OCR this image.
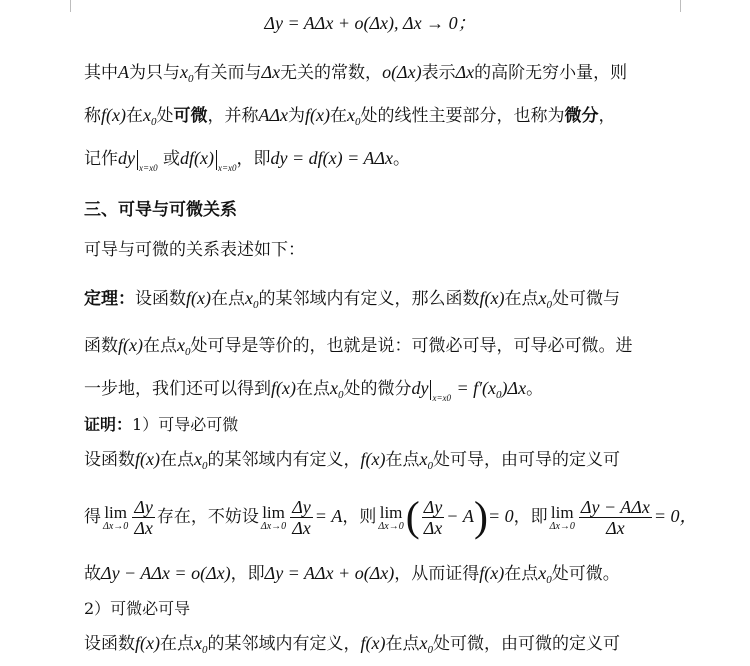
Δy = AΔx + o(Δx), Δx → 0；
其中A为只与$x_0$有关而与Δx无关的常数，o(Δx)表示Δx的高阶无穷小量，则
称f(x)在$x_0$处可微，并称AΔx为f(x)在$x_0$处的线性主要部分，也称为微分，
记作dy $_{x=x0}$ 或df(x) $_{x=x0}$，即dy = df(x) = AΔx。
三、可导与可微关系
可导与可微的关系表述如下：
定理：设函数f(x)在点$x_0$的某邻域内有定义，那么函数f(x)在点$x_0$处可微与
函数f(x)在点$x_0$处可导是等价的，也就是说：可微必可导，可导必可微。进
一步地，我们还可以得到f(x)在点$x_0$处的微分dy $_{x=x0} = f'(x_0)\Delta x$。
证明：1）可导必可微
设函数f(x)在点$x_0$的某邻域内有定义，f(x)在点$x_0$处可导，由可导的定义可
得 lim
$\Delta x\to 0 \frac{\Delta y}{\Delta x}$ 存在，不妨设 lim
$\Delta x\to 0 \frac{\Delta y}{\Delta x} = A$，则 lim
Δx→0 ( $\frac{\Delta y}{\Delta x} - A)= 0$，即 lim
$\Delta x\to 0 \frac{\text{Δy − AΔx}}{\Delta x} = 0$，
故Δy − AΔx = o(Δx)，即Δy = AΔx + o(Δx)，从而证得f(x)在点$x_0$处可微。
2）可微必可导
设函数f(x)在点$x_0$的某邻域内有定义，f(x)在点$x_0$处可微，由可微的定义可
